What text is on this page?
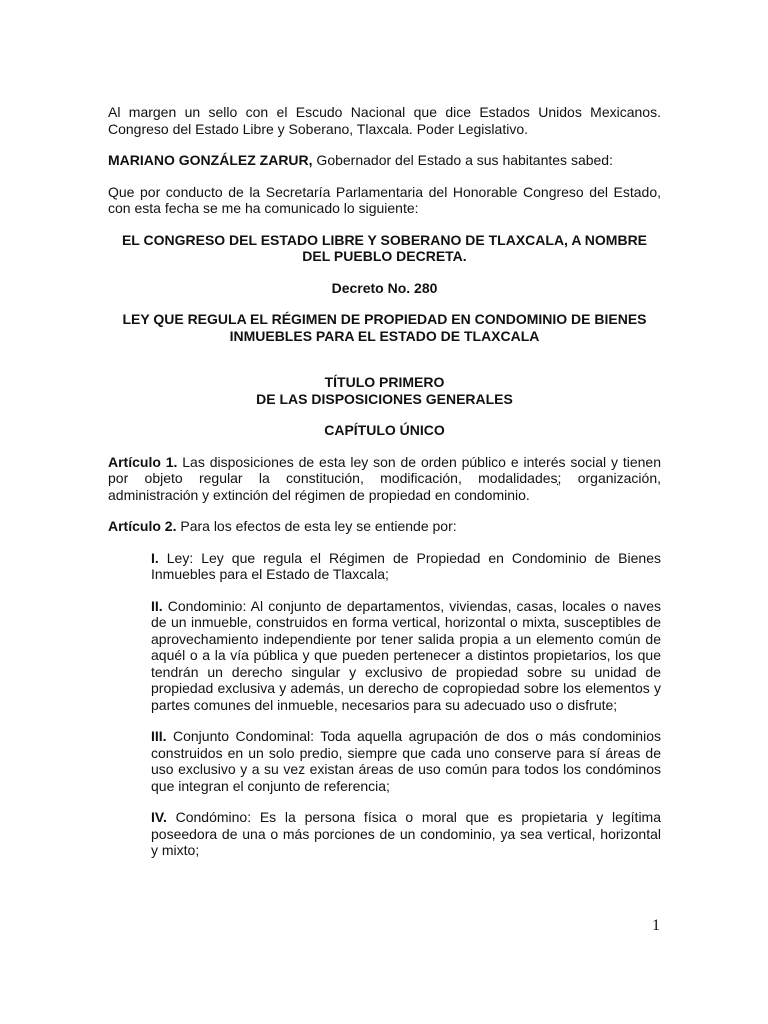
Al margen un sello con el Escudo Nacional que dice Estados Unidos Mexicanos. Congreso del Estado Libre y Soberano, Tlaxcala. Poder Legislativo.

MARIANO GONZÁLEZ ZARUR, Gobernador del Estado a sus habitantes sabed:

Que por conducto de la Secretaría Parlamentaria del Honorable Congreso del Estado, con esta fecha se me ha comunicado lo siguiente:

EL CONGRESO DEL ESTADO LIBRE Y SOBERANO DE TLAXCALA, A NOMBRE DEL PUEBLO DECRETA.

Decreto No. 280

LEY QUE REGULA EL RÉGIMEN DE PROPIEDAD EN CONDOMINIO DE BIENES INMUEBLES PARA EL ESTADO DE TLAXCALA

TÍTULO PRIMERO
DE LAS DISPOSICIONES GENERALES

CAPÍTULO ÚNICO

Artículo 1. Las disposiciones de esta ley son de orden público e interés social y tienen por objeto regular la constitución, modificación, modalidades; organización, administración y extinción del régimen de propiedad en condominio.

Artículo 2. Para los efectos de esta ley se entiende por:

I. Ley: Ley que regula el Régimen de Propiedad en Condominio de Bienes Inmuebles para el Estado de Tlaxcala;

II. Condominio: Al conjunto de departamentos, viviendas, casas, locales o naves de un inmueble, construidos en forma vertical, horizontal o mixta, susceptibles de aprovechamiento independiente por tener salida propia a un elemento común de aquél o a la vía pública y que pueden pertenecer a distintos propietarios, los que tendrán un derecho singular y exclusivo de propiedad sobre su unidad de propiedad exclusiva y además, un derecho de copropiedad sobre los elementos y partes comunes del inmueble, necesarios para su adecuado uso o disfrute;

III. Conjunto Condominal: Toda aquella agrupación de dos o más condominios construidos en un solo predio, siempre que cada uno conserve para sí áreas de uso exclusivo y a su vez existan áreas de uso común para todos los condóminos que integran el conjunto de referencia;

IV. Condómino: Es la persona física o moral que es propietaria y legítima poseedora de una o más porciones de un condominio, ya sea vertical, horizontal y mixto;

1
